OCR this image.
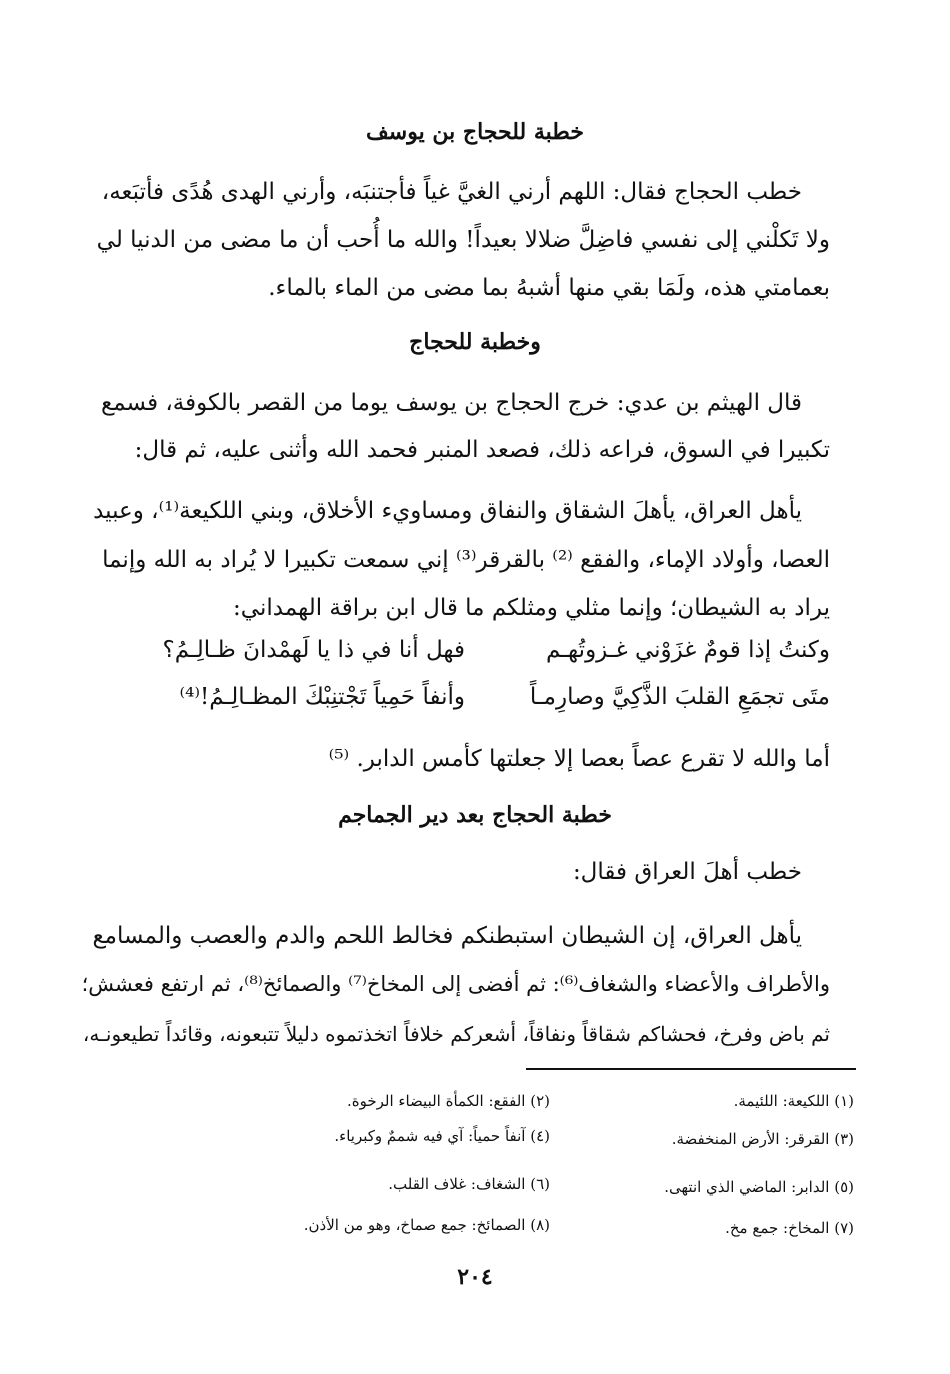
خطبة للحجاج بن يوسف
خطب الحجاج فقال: اللهم أرني الغيَّ غياً فأجتنبَه، وأرني الهدى هُدًى فأتبَعه،
ولا تَكلْني إلى نفسي فاضِلَّ ضلالا بعيداً! والله ما أُحب أن ما مضى من الدنيا لي
بعمامتي هذه، ولَمَا بقي منها أشبهُ بما مضى من الماء بالماء.
وخطبة للحجاج
قال الهيثم بن عدي: خرج الحجاج بن يوسف يوما من القصر بالكوفة، فسمع
تكبيرا في السوق، فراعه ذلك، فصعد المنبر فحمد الله وأثنى عليه، ثم قال:
يأهل العراق، يأهلَ الشقاق والنفاق ومساويء الأخلاق، وبني اللكيعة⁽¹⁾، وعبيد
العصا، وأولاد الإماء، والفقع ⁽²⁾ بالقرقر⁽³⁾ إني سمعت تكبيرا لا يُراد به الله وإنما
يراد به الشيطان؛ وإنما مثلي ومثلكم ما قال ابن براقة الهمداني:
وكنتُ إذا قومٌ غزَوْني غـزوتُهـم
فهل أنا في ذا يا لَهمْدانَ ظـالِـمُ؟
متَى تجمَعِ القلبَ الذَّكِيَّ وصارِمـاً
وأنفاً حَمِياً تَجْتنِبْكَ المظـالِـمُ!⁽⁴⁾
أما والله لا تقرع عصاً بعصا إلا جعلتها كأمس الدابر. ⁽⁵⁾
خطبة الحجاج بعد دير الجماجم
خطب أهلَ العراق فقال:
يأهل العراق، إن الشيطان استبطنكم فخالط اللحم والدم والعصب والمسامع
والأطراف والأعضاء والشغاف⁽⁶⁾: ثم أفضى إلى المخاخ⁽⁷⁾ والصمائخ⁽⁸⁾، ثم ارتفع فعشش؛
ثم باض وفرخ، فحشاكم شقاقاً ونفاقاً، أشعركم خلافاً اتخذتموه دليلاً تتبعونه، وقائداً تطيعونـه،
(١) اللكيعة: اللئيمة.
(٣) القرقر: الأرض المنخفضة.
(٥) الدابر: الماضي الذي انتهى.
(٧) المخاخ: جمع مخ.
(٢) الفقع: الكمأة البيضاء الرخوة.
(٤) آنفاً حمياً: آي فيه شممٌ وكبرياء.
(٦) الشغاف: غلاف القلب.
(٨) الصمائخ: جمع صماخ، وهو من الأذن.
٢٠٤
